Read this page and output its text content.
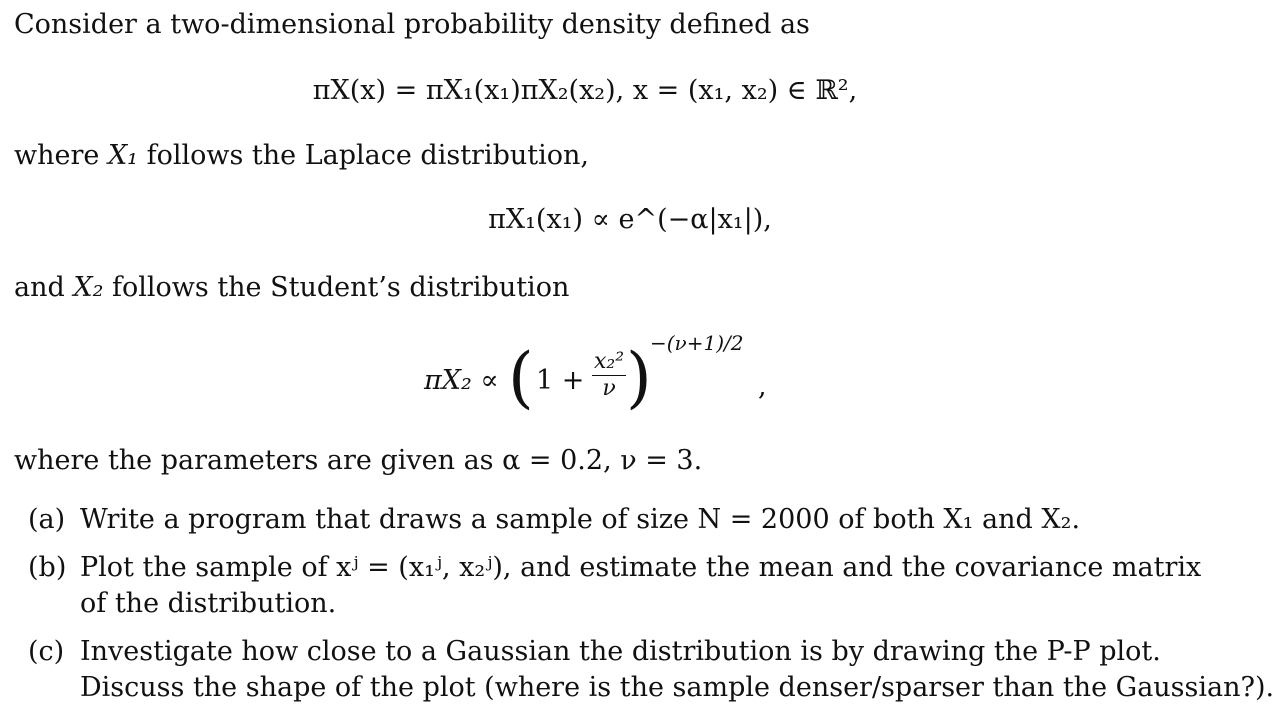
Consider a two-dimensional probability density defined as
πX(x) = πX₁(x₁)πX₂(x₂), x = (x₁, x₂) ∈ ℝ²,
where X₁ follows the Laplace distribution,
πX₁(x₁) ∝ e^(−α|x₁|),
and X₂ follows the Student’s distribution
πX₂ ∝ ( $1 + \frac{\text{x₂²}}{\nu}$ )
−(ν+1)/2
,
where the parameters are given as α = 0.2, ν = 3.
(a) Write a program that draws a sample of size N = 2000 of both X₁ and X₂.
(b) Plot the sample of xʲ = (x₁ʲ, x₂ʲ), and estimate the mean and the covariance matrix
of the distribution.
(c) Investigate how close to a Gaussian the distribution is by drawing the P-P plot.
Discuss the shape of the plot (where is the sample denser/sparser than the Gaussian?).
